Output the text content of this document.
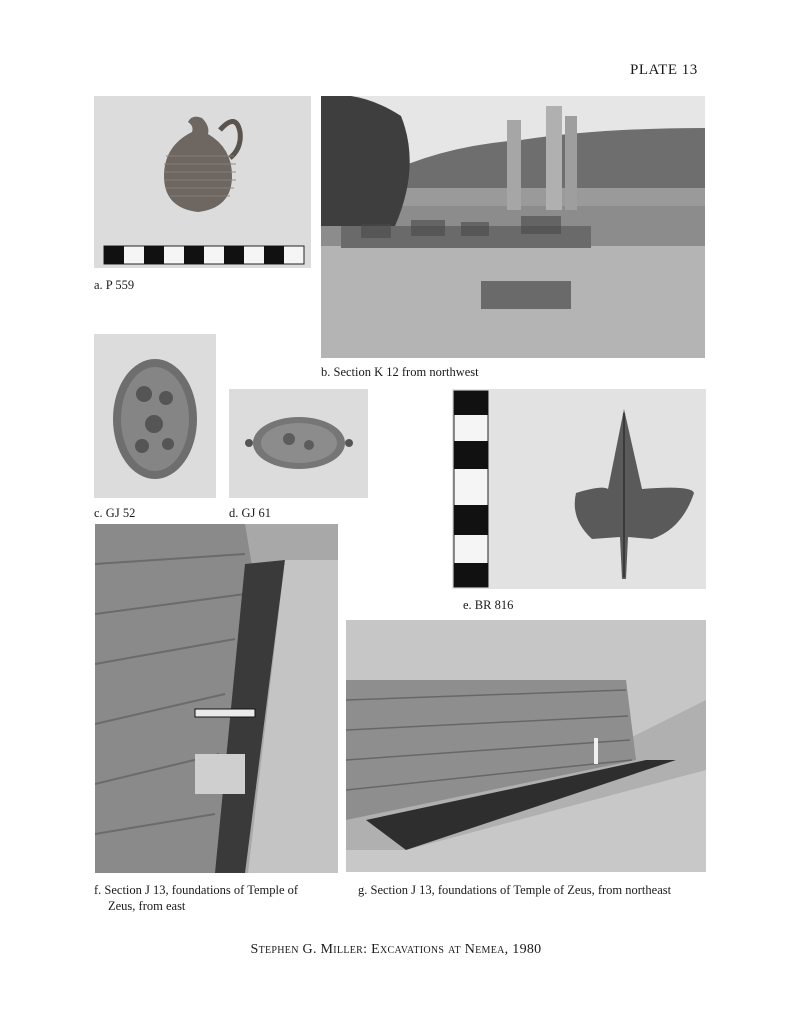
PLATE 13
a. P 559
b. Section K 12 from northwest
c. GJ 52	d. GJ 61
e. BR 816
f. Section J 13, foundations of Temple of
Zeus, from east
g. Section J 13, foundations of Temple of Zeus, from northeast
Stephen G. Miller: Excavations at Nemea, 1980
